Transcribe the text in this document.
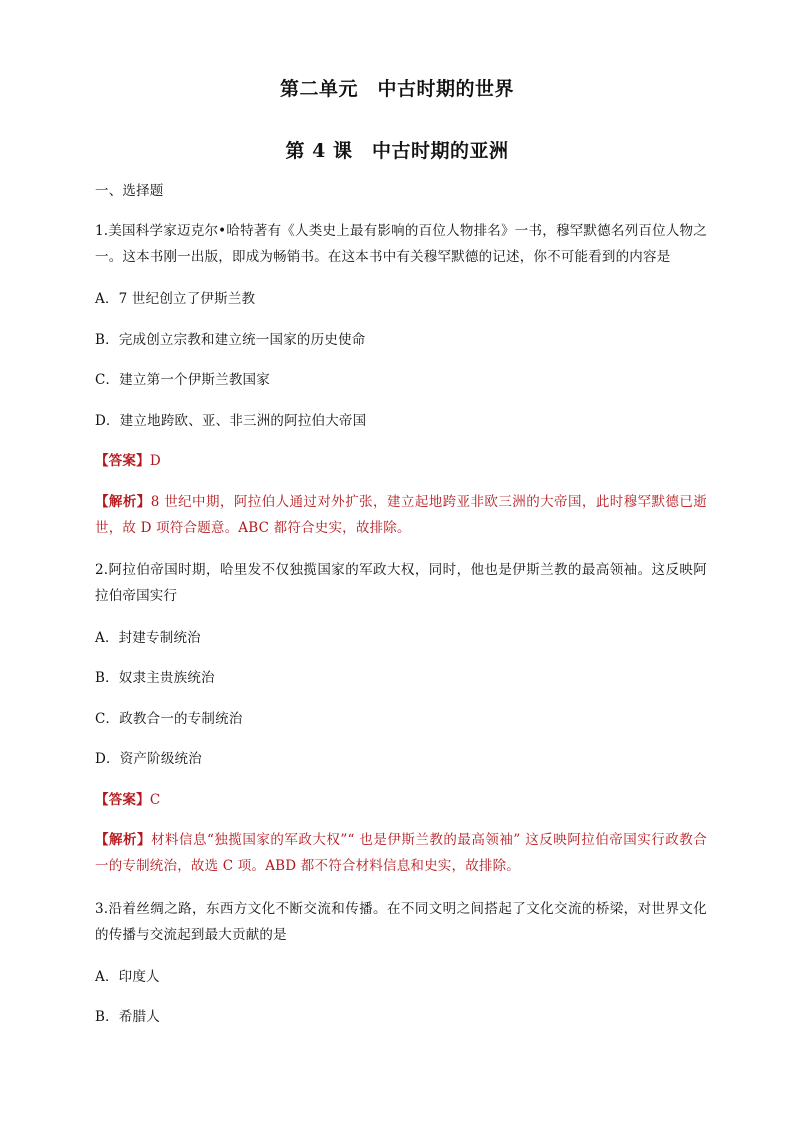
第二单元　中古时期的世界
第 4 课　中古时期的亚洲
一、选择题
1.美国科学家迈克尔•哈特著有《人类史上最有影响的百位人物排名》一书，穆罕默德名列百位人物之一。这本书刚一出版，即成为畅销书。在这本书中有关穆罕默德的记述，你不可能看到的内容是
A．7 世纪创立了伊斯兰教
B．完成创立宗教和建立统一国家的历史使命
C．建立第一个伊斯兰教国家
D．建立地跨欧、亚、非三洲的阿拉伯大帝国
【答案】D
【解析】8 世纪中期，阿拉伯人通过对外扩张，建立起地跨亚非欧三洲的大帝国，此时穆罕默德已逝世，故 D 项符合题意。ABC 都符合史实，故排除。
2.阿拉伯帝国时期，哈里发不仅独揽国家的军政大权，同时，他也是伊斯兰教的最高领袖。这反映阿拉伯帝国实行
A．封建专制统治
B．奴隶主贵族统治
C．政教合一的专制统治
D．资产阶级统治
【答案】C
【解析】材料信息“独揽国家的军政大权”“ 也是伊斯兰教的最高领袖” 这反映阿拉伯帝国实行政教合一的专制统治，故选 C 项。ABD 都不符合材料信息和史实，故排除。
3.沿着丝绸之路，东西方文化不断交流和传播。在不同文明之间搭起了文化交流的桥梁，对世界文化的传播与交流起到最大贡献的是
A．印度人
B．希腊人
